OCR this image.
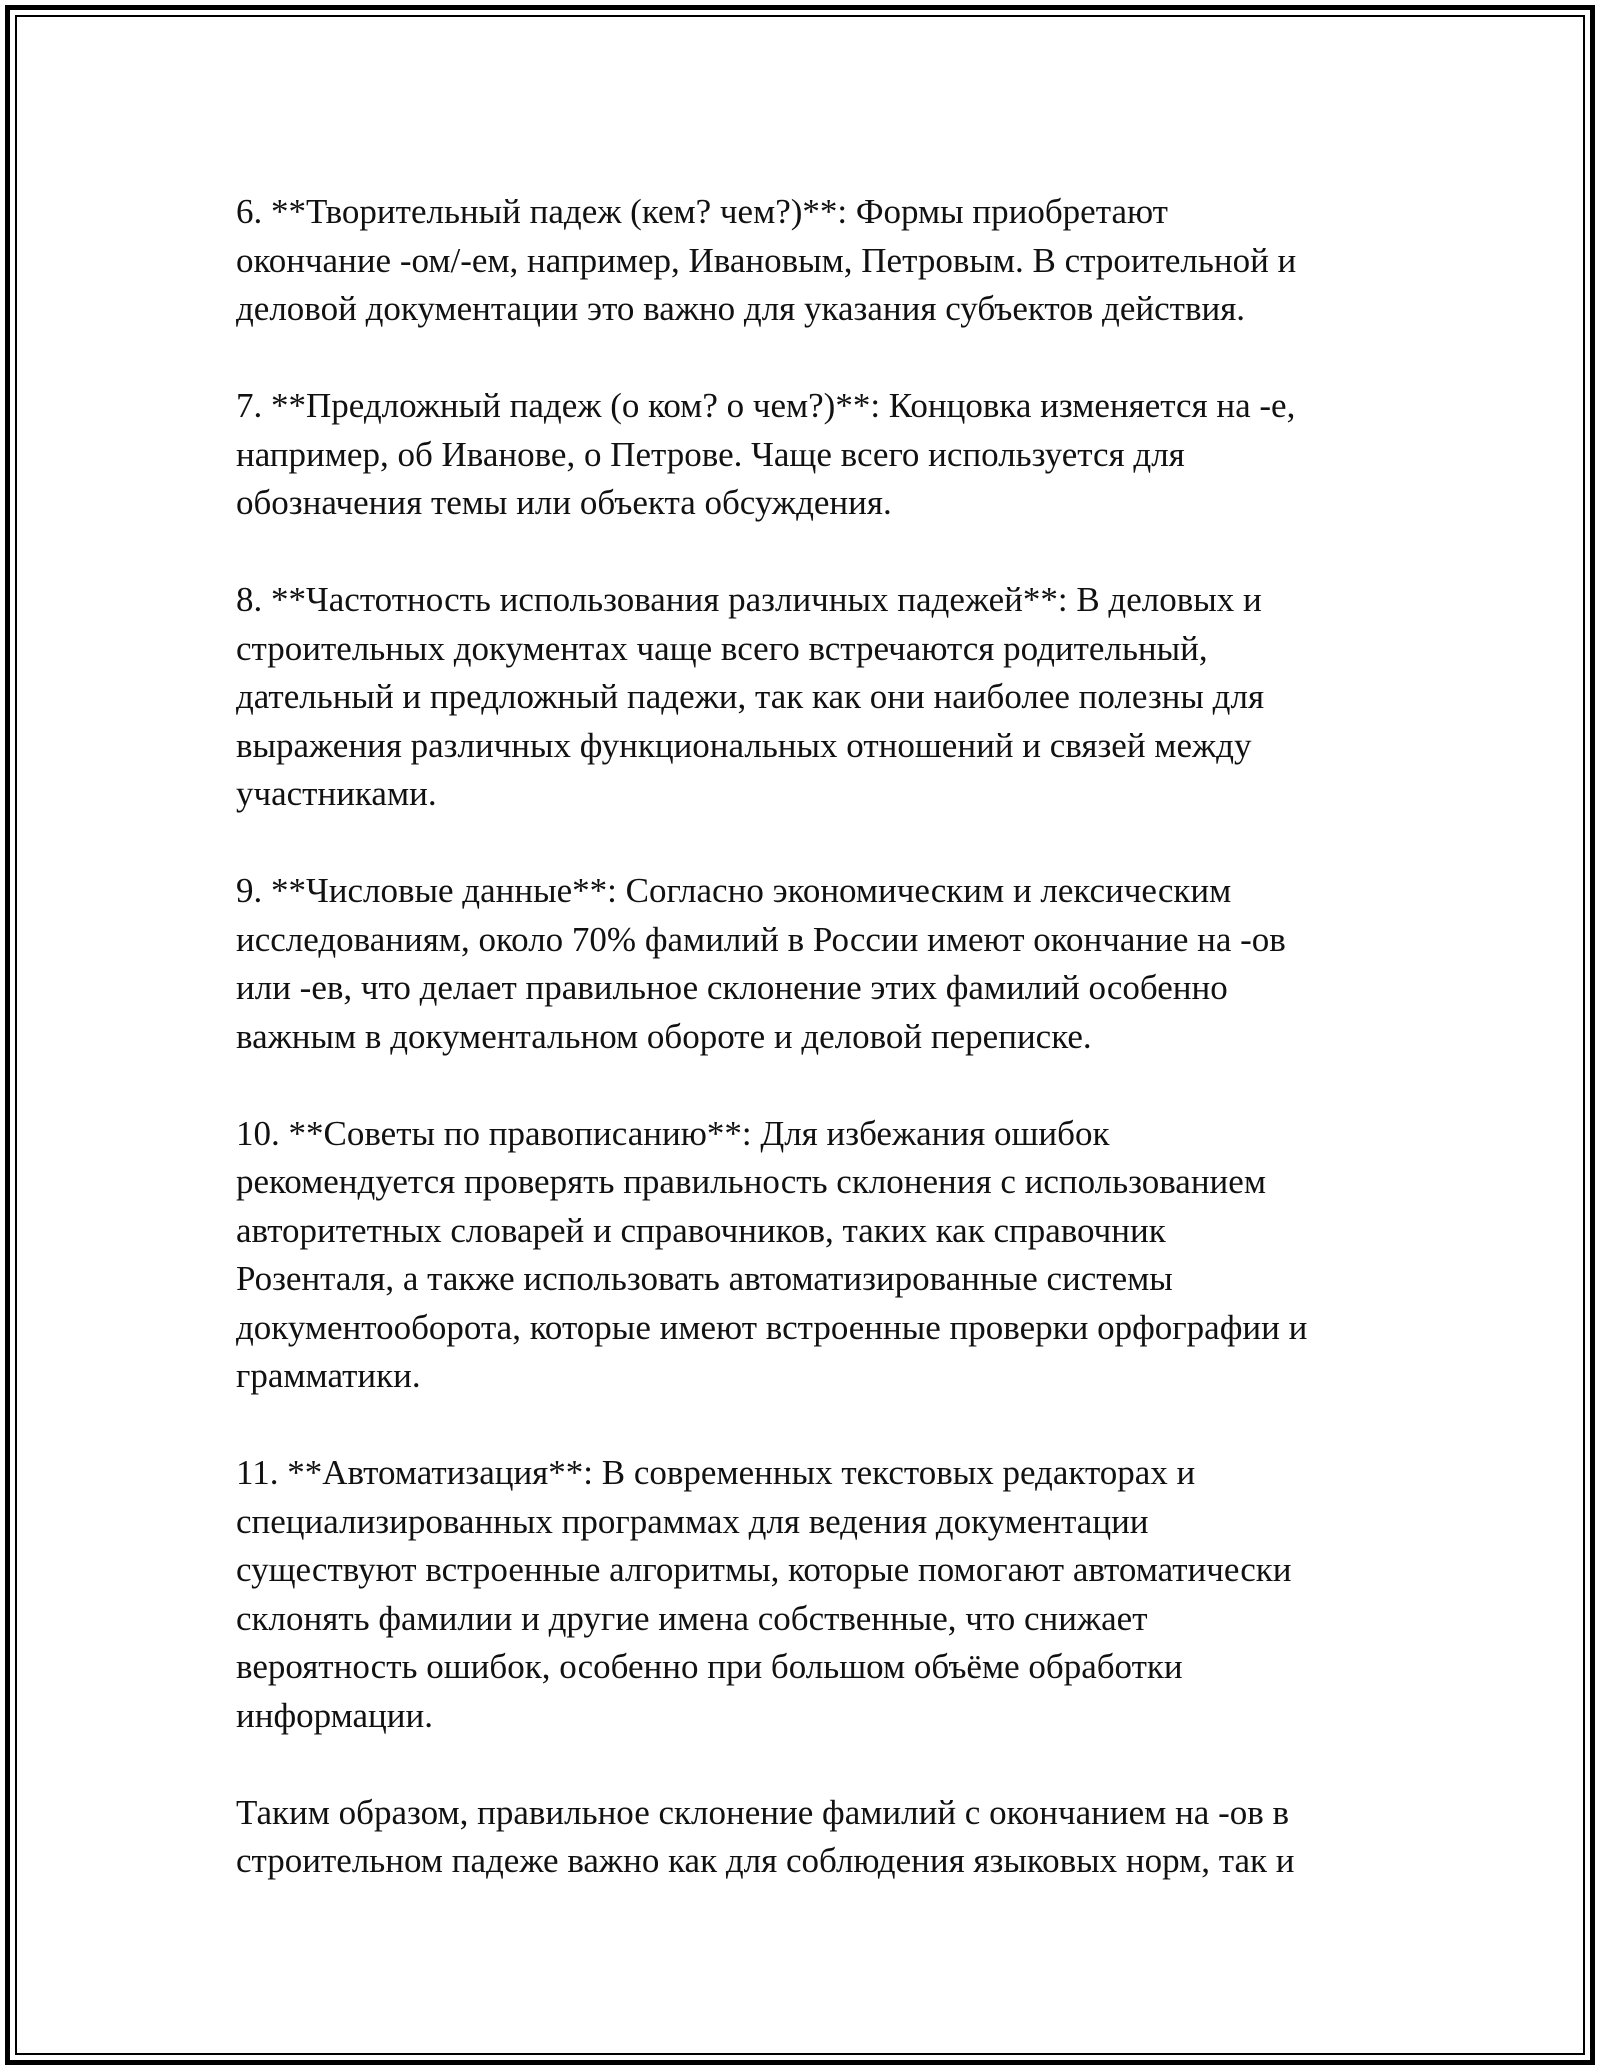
6. **Творительный падеж (кем? чем?)**: Формы приобретают
окончание -ом/-ем, например, Ивановым, Петровым. В строительной и
деловой документации это важно для указания субъектов действия.

7. **Предложный падеж (о ком? о чем?)**: Концовка изменяется на -е,
например, об Иванове, о Петрове. Чаще всего используется для
обозначения темы или объекта обсуждения.

8. **Частотность использования различных падежей**: В деловых и
строительных документах чаще всего встречаются родительный,
дательный и предложный падежи, так как они наиболее полезны для
выражения различных функциональных отношений и связей между
участниками.

9. **Числовые данные**: Согласно экономическим и лексическим
исследованиям, около 70% фамилий в России имеют окончание на -ов
или -ев, что делает правильное склонение этих фамилий особенно
важным в документальном обороте и деловой переписке.

10. **Советы по правописанию**: Для избежания ошибок
рекомендуется проверять правильность склонения с использованием
авторитетных словарей и справочников, таких как справочник
Розенталя, а также использовать автоматизированные системы
документооборота, которые имеют встроенные проверки орфографии и
грамматики.

11. **Автоматизация**: В современных текстовых редакторах и
специализированных программах для ведения документации
существуют встроенные алгоритмы, которые помогают автоматически
склонять фамилии и другие имена собственные, что снижает
вероятность ошибок, особенно при большом объёме обработки
информации.

Таким образом, правильное склонение фамилий с окончанием на -ов в
строительном падеже важно как для соблюдения языковых норм, так и
